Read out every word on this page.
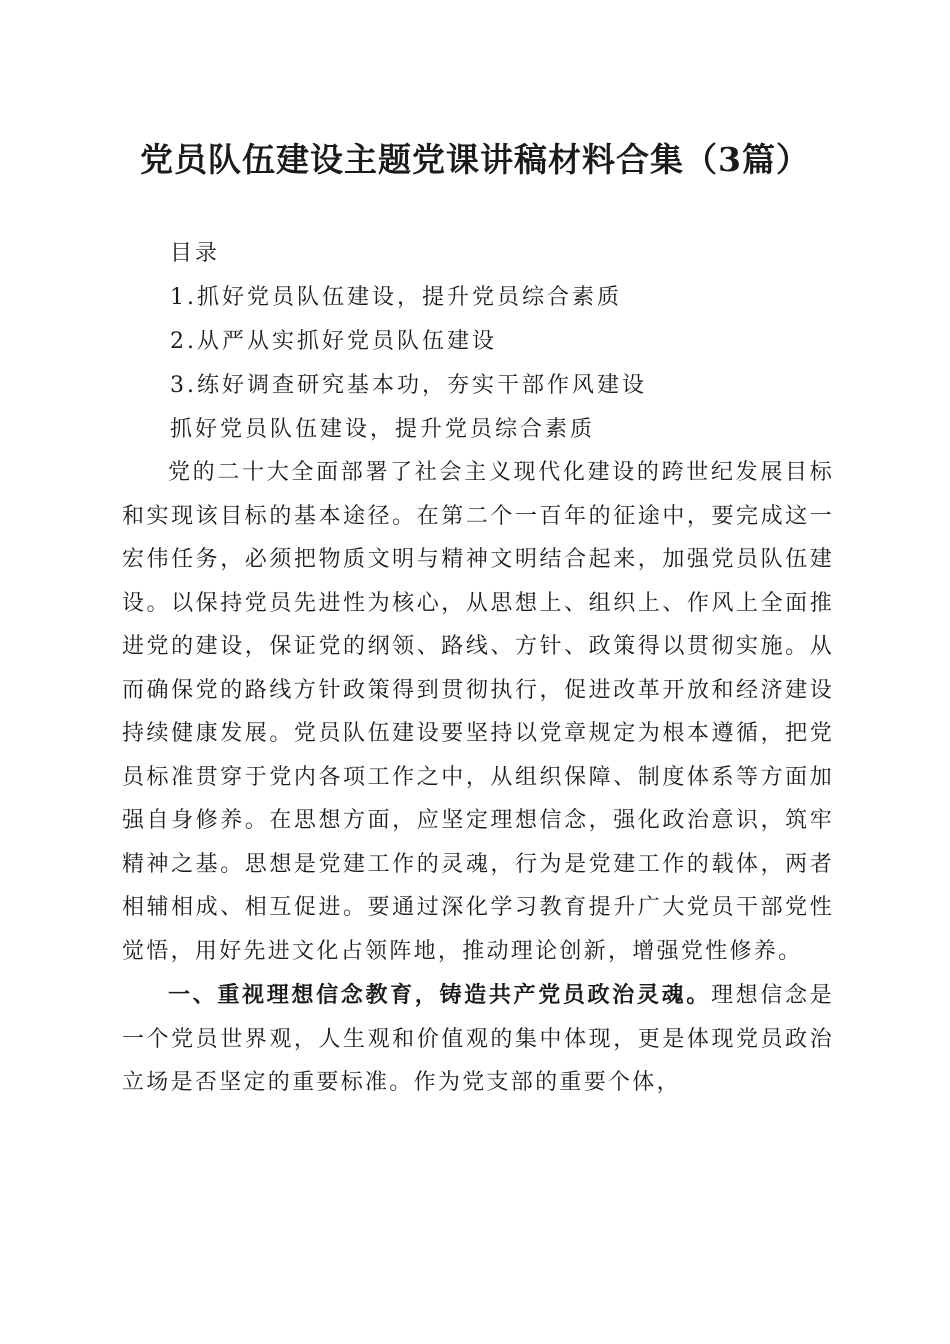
党员队伍建设主题党课讲稿材料合集（3篇）
目录
1.抓好党员队伍建设，提升党员综合素质
2.从严从实抓好党员队伍建设
3.练好调查研究基本功，夯实干部作风建设
抓好党员队伍建设，提升党员综合素质

党的二十大全面部署了社会主义现代化建设的跨世纪发展目标和实现该目标的基本途径。在第二个一百年的征途中，要完成这一宏伟任务，必须把物质文明与精神文明结合起来，加强党员队伍建设。以保持党员先进性为核心，从思想上、组织上、作风上全面推进党的建设，保证党的纲领、路线、方针、政策得以贯彻实施。从而确保党的路线方针政策得到贯彻执行，促进改革开放和经济建设持续健康发展。党员队伍建设要坚持以党章规定为根本遵循，把党员标准贯穿于党内各项工作之中，从组织保障、制度体系等方面加强自身修养。在思想方面，应坚定理想信念，强化政治意识，筑牢精神之基。思想是党建工作的灵魂，行为是党建工作的载体，两者相辅相成、相互促进。要通过深化学习教育提升广大党员干部党性觉悟，用好先进文化占领阵地，推动理论创新，增强党性修养。

一、重视理想信念教育，铸造共产党员政治灵魂。理想信念是一个党员世界观，人生观和价值观的集中体现，更是体现党员政治立场是否坚定的重要标准。作为党支部的重要个体，
